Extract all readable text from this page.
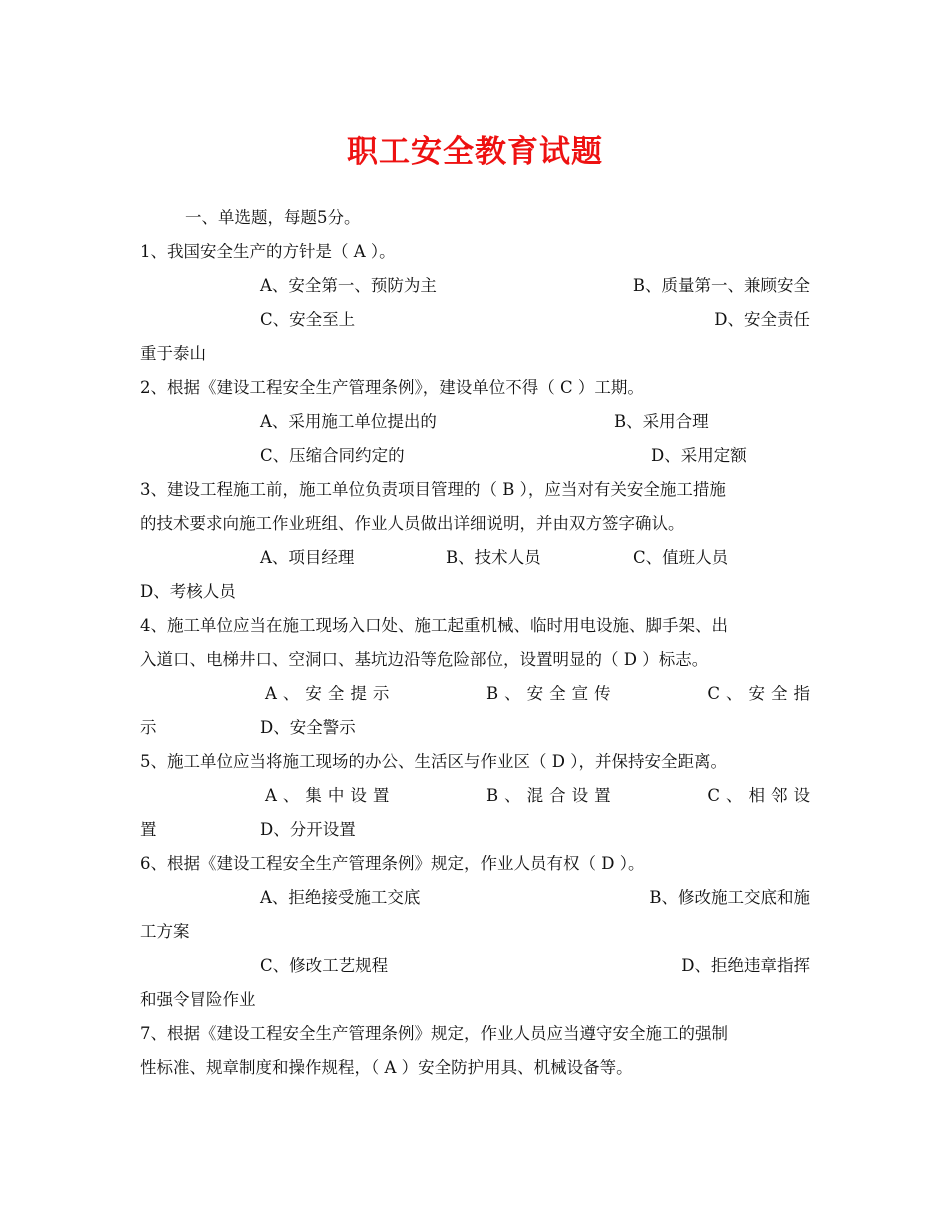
职工安全教育试题
一、单选题，每题5分。
1、我国安全生产的方针是（ A ）。
A、安全第一、预防为主	B、质量第一、兼顾安全
C、安全至上	D、安全责任
重于泰山
2、根据《建设工程安全生产管理条例》，建设单位不得（ C ）工期。
A、采用施工单位提出的	B、采用合理
C、压缩合同约定的	D、采用定额
3、建设工程施工前，施工单位负责项目管理的（ B ），应当对有关安全施工措施
的技术要求向施工作业班组、作业人员做出详细说明，并由双方签字确认。
A、项目经理	B、技术人员	C、值班人员
D、考核人员
4、施工单位应当在施工现场入口处、施工起重机械、临时用电设施、脚手架、出
入道口、电梯井口、空洞口、基坑边沿等危险部位，设置明显的（ D ）标志。
A、安全提示	B、安全宣传	C、安全指
示	D、安全警示
5、施工单位应当将施工现场的办公、生活区与作业区（ D ），并保持安全距离。
A、集中设置	B、混合设置	C、相邻设
置	D、分开设置
6、根据《建设工程安全生产管理条例》规定，作业人员有权（ D ）。
A、拒绝接受施工交底	B、修改施工交底和施
工方案
C、修改工艺规程	D、拒绝违章指挥
和强令冒险作业
7、根据《建设工程安全生产管理条例》规定，作业人员应当遵守安全施工的强制
性标准、规章制度和操作规程，（ A ）安全防护用具、机械设备等。
